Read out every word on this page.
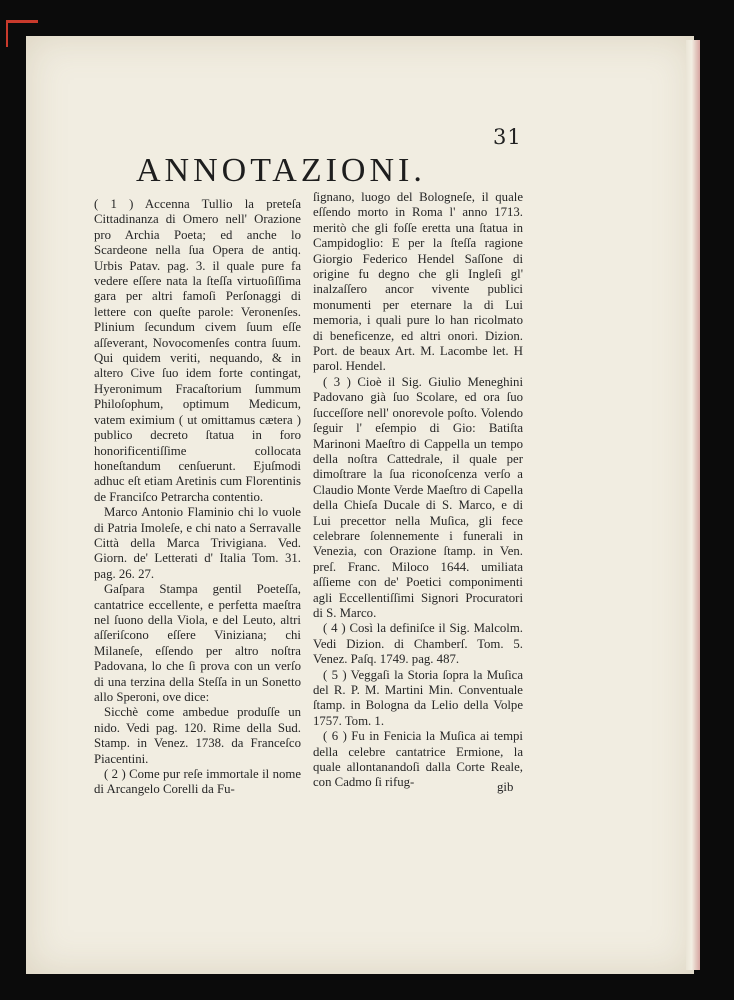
31
ANNOTAZIONI.

( 1 ) Accenna Tullio la preteſa Cittadinanza di Omero nell' Orazione pro Archia Poeta; ed anche lo Scardeone nella ſua Opera de antiq. Urbis Patav. pag. 3. il quale pure fa vedere eſſere nata la ſteſſa virtuoſiſſima gara per altri famoſi Perſonaggi di lettere con queſte parole: Veronenſes. Plinium ſecundum civem ſuum eſſe aſſeverant, Novocomenſes contra ſuum. Qui quidem veriti, nequando, & in altero Cive ſuo idem forte contingat, Hyeronimum Fracaſtorium ſummum Philoſophum, optimum Medicum, vatem eximium ( ut omittamus cætera ) publico decreto ſtatua in foro honorificentiſſime collocata honeſtandum cenſuerunt. Ejuſmodi adhuc eſt etiam Aretinis cum Florentinis de Franciſco Petrarcha contentio.

Marco Antonio Flaminio chi lo vuole di Patria Imoleſe, e chi nato a Serravalle Città della Marca Trivigiana. Ved. Giorn. de' Letterati d' Italia Tom. 31. pag. 26. 27.

Gaſpara Stampa gentil Poeteſſa, cantatrice eccellente, e perfetta maeſtra nel ſuono della Viola, e del Leuto, altri aſſeriſcono eſſere Viniziana; chi Milaneſe, eſſendo per altro noſtra Padovana, lo che ſi prova con un verſo di una terzina della Steſſa in un Sonetto allo Speroni, ove dice:

Sicchè come ambedue produſſe un nido. Vedi pag. 120. Rime della Sud. Stamp. in Venez. 1738. da Franceſco Piacentini.

( 2 ) Come pur reſe immortale il nome di Arcangelo Corelli da Fu-

ſignano, luogo del Bologneſe, il quale eſſendo morto in Roma l' anno 1713. meritò che gli foſſe eretta una ſtatua in Campidoglio: E per la ſteſſa ragione Giorgio Federico Hendel Saſſone di origine fu degno che gli Ingleſi gl' inalzaſſero ancor vivente publici monumenti per eternare la di Lui memoria, i quali pure lo han ricolmato di beneficenze, ed altri onori. Dizion. Port. de beaux Art. M. Lacombe let. H parol. Hendel.

( 3 ) Cioè il Sig. Giulio Meneghini Padovano già ſuo Scolare, ed ora ſuo ſucceſſore nell' onorevole poſto. Volendo ſeguir l' eſempio di Gio: Batiſta Marinoni Maeſtro di Cappella un tempo della noſtra Cattedrale, il quale per dimoſtrare la ſua riconoſcenza verſo a Claudio Monte Verde Maeſtro di Capella della Chieſa Ducale di S. Marco, e di Lui precettor nella Muſica, gli fece celebrare ſolennemente i funerali in Venezia, con Orazione ſtamp. in Ven. preſ. Franc. Miloco 1644. umiliata aſſieme con de' Poetici componimenti agli Eccellentiſſimi Signori Procuratori di S. Marco.

( 4 ) Così la definiſce il Sig. Malcolm. Vedi Dizion. di Chamberſ. Tom. 5. Venez. Paſq. 1749. pag. 487.

( 5 ) Veggaſi la Storia ſopra la Muſica del R. P. M. Martini Min. Conventuale ſtamp. in Bologna da Lelio della Volpe 1757. Tom. 1.

( 6 ) Fu in Fenicia la Muſica ai tempi della celebre cantatrice Ermione, la quale allontanandoſi dalla Corte Reale, con Cadmo ſi rifug-	gib
